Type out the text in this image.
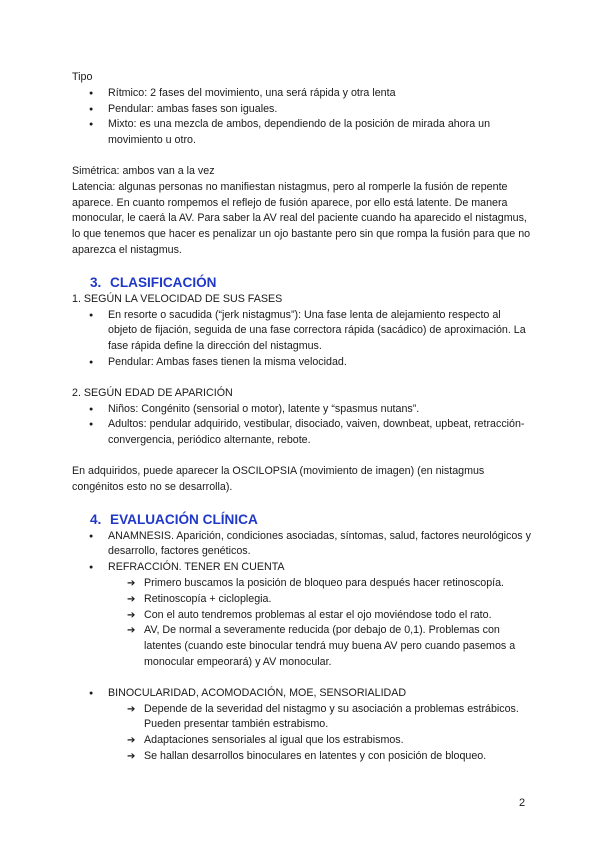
Tipo

● Rítmico: 2 fases del movimiento, una será rápida y otra lenta
● Pendular: ambas fases son iguales.
● Mixto: es una mezcla de ambos, dependiendo de la posición de mirada ahora un movimiento u otro.

Simétrica: ambos van a la vez

Latencia: algunas personas no manifiestan nistagmus, pero al romperle la fusión de repente aparece. En cuanto rompemos el reflejo de fusión aparece, por ello está latente. De manera monocular, le caerá la AV. Para saber la AV real del paciente cuando ha aparecido el nistagmus, lo que tenemos que hacer es penalizar un ojo bastante pero sin que rompa la fusión para que no aparezca el nistagmus.

3. CLASIFICACIÓN

1. SEGÚN LA VELOCIDAD DE SUS FASES

● En resorte o sacudida (“jerk nistagmus”): Una fase lenta de alejamiento respecto al objeto de fijación, seguida de una fase correctora rápida (sacádico) de aproximación. La fase rápida define la dirección del nistagmus.
● Pendular: Ambas fases tienen la misma velocidad.

2. SEGÚN EDAD DE APARICIÓN

● Niños: Congénito (sensorial o motor), latente y “spasmus nutans”.
● Adultos: pendular adquirido, vestibular, disociado, vaiven, downbeat, upbeat, retracción-convergencia, periódico alternante, rebote.

En adquiridos, puede aparecer la OSCILOPSIA (movimiento de imagen) (en nistagmus congénitos esto no se desarrolla).

4. EVALUACIÓN CLÍNICA
● ANAMNESIS. Aparición, condiciones asociadas, síntomas, salud, factores neurológicos y desarrollo, factores genéticos.
● REFRACCIÓN. TENER EN CUENTA
➔ Primero buscamos la posición de bloqueo para después hacer retinoscopía.
➔ Retinoscopía + cicloplegia.
➔ Con el auto tendremos problemas al estar el ojo moviéndose todo el rato.
➔ AV, De normal a severamente reducida (por debajo de 0,1). Problemas con latentes (cuando este binocular tendrá muy buena AV pero cuando pasemos a monocular empeorará) y AV monocular.
● BINOCULARIDAD, ACOMODACIÓN, MOE, SENSORIALIDAD
➔ Depende de la severidad del nistagmo y su asociación a problemas estrábicos. Pueden presentar también estrabismo.
➔ Adaptaciones sensoriales al igual que los estrabismos.
➔ Se hallan desarrollos binoculares en latentes y con posición de bloqueo.
2
